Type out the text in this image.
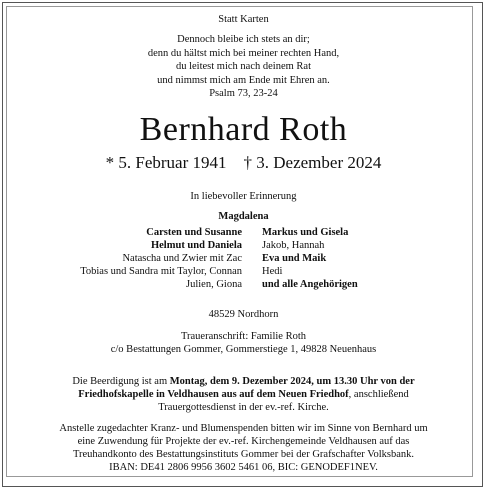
Statt Karten
Dennoch bleibe ich stets an dir;
denn du hältst mich bei meiner rechten Hand,
du leitest mich nach deinem Rat
und nimmst mich am Ende mit Ehren an.
Psalm 73, 23-24
Bernhard Roth
* 5. Februar 1941 † 3. Dezember 2024
In liebevoller Erinnerung
Magdalena
Carsten und Susanne
Helmut und Daniela
Natascha und Zwier mit Zac
Tobias und Sandra mit Taylor, Connan
Julien, Giona
Markus und Gisela
Jakob, Hannah
Eva und Maik
Hedi
und alle Angehörigen
48529 Nordhorn
Traueranschrift: Familie Roth
c/o Bestattungen Gommer, Gommerstiege 1, 49828 Neuenhaus
Die Beerdigung ist am Montag, dem 9. Dezember 2024, um 13.30 Uhr von der
Friedhofskapelle in Veldhausen aus auf dem Neuen Friedhof, anschließend
Trauergottesdienst in der ev.-ref. Kirche.
Anstelle zugedachter Kranz- und Blumenspenden bitten wir im Sinne von Bernhard um
eine Zuwendung für Projekte der ev.-ref. Kirchengemeinde Veldhausen auf das
Treuhandkonto des Bestattungsinstituts Gommer bei der Grafschafter Volksbank.
IBAN: DE41 2806 9956 3602 5461 06, BIC: GENODEF1NEV.
